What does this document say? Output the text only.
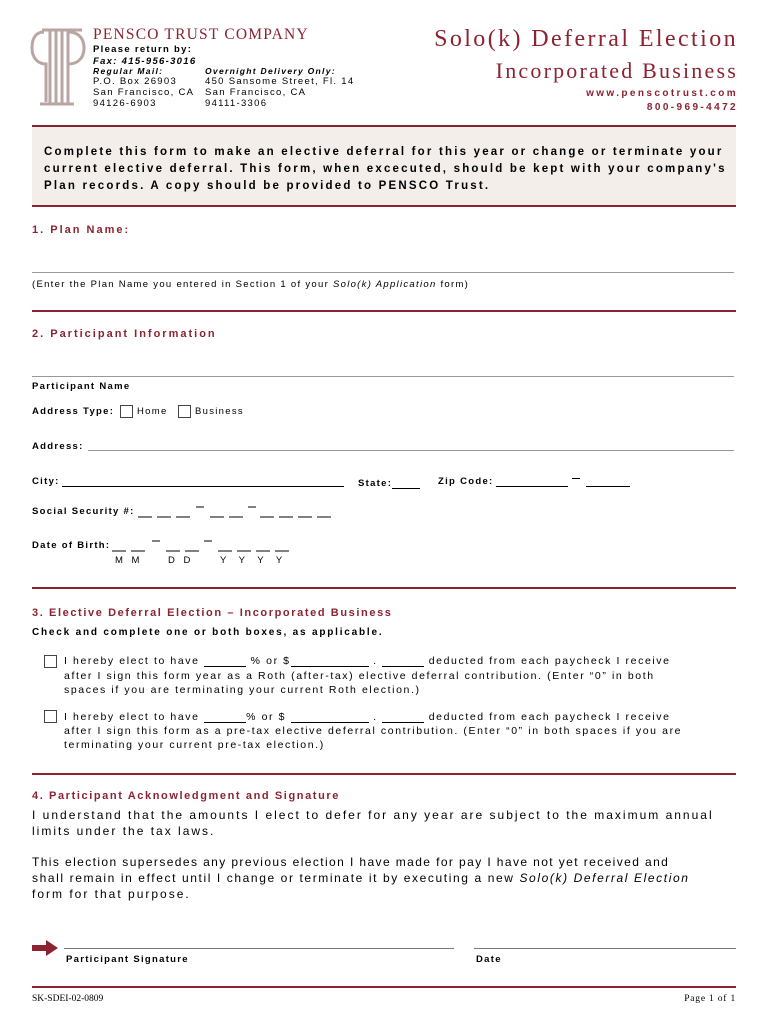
PENSCO TRUST COMPANY
Please return by:
Fax: 415-956-3016
Regular Mail:
P.O. Box 26903
San Francisco, CA
94126-6903
Overnight Delivery Only:
450 Sansome Street, Fl. 14
San Francisco, CA
94111-3306
Solo(k) Deferral Election
Incorporated Business
www.penscotrust.com
800-969-4472
Complete this form to make an elective deferral for this year or change or terminate your current elective deferral. This form, when excecuted, should be kept with your company's Plan records. A copy should be provided to PENSCO Trust.
1. Plan Name:
(Enter the Plan Name you entered in Section 1 of your Solo(k) Application form)
2. Participant Information
Participant Name
Address Type: Home	Business
Address:
City:	State:	Zip Code:
Social Security #:
Date of Birth:
M M	D D	Y Y Y Y
3. Elective Deferral Election – Incorporated Business
Check and complete one or both boxes, as applicable.
I hereby elect to have	% or $	.	deducted from each paycheck I receive
after I sign this form year as a Roth (after-tax) elective deferral contribution. (Enter “0” in both
spaces if you are terminating your current Roth election.)
I hereby elect to have	% or $	.	deducted from each paycheck I receive
after I sign this form as a pre-tax elective deferral contribution. (Enter “0” in both spaces if you are
terminating your current pre-tax election.)
4. Participant Acknowledgment and Signature
I understand that the amounts I elect to defer for any year are subject to the maximum annual
limits under the tax laws.
This election supersedes any previous election I have made for pay I have not yet received and
shall remain in effect until I change or terminate it by executing a new Solo(k) Deferral Election
form for that purpose.
Participant Signature	Date
SK-SDEI-02-0809	Page 1 of 1
